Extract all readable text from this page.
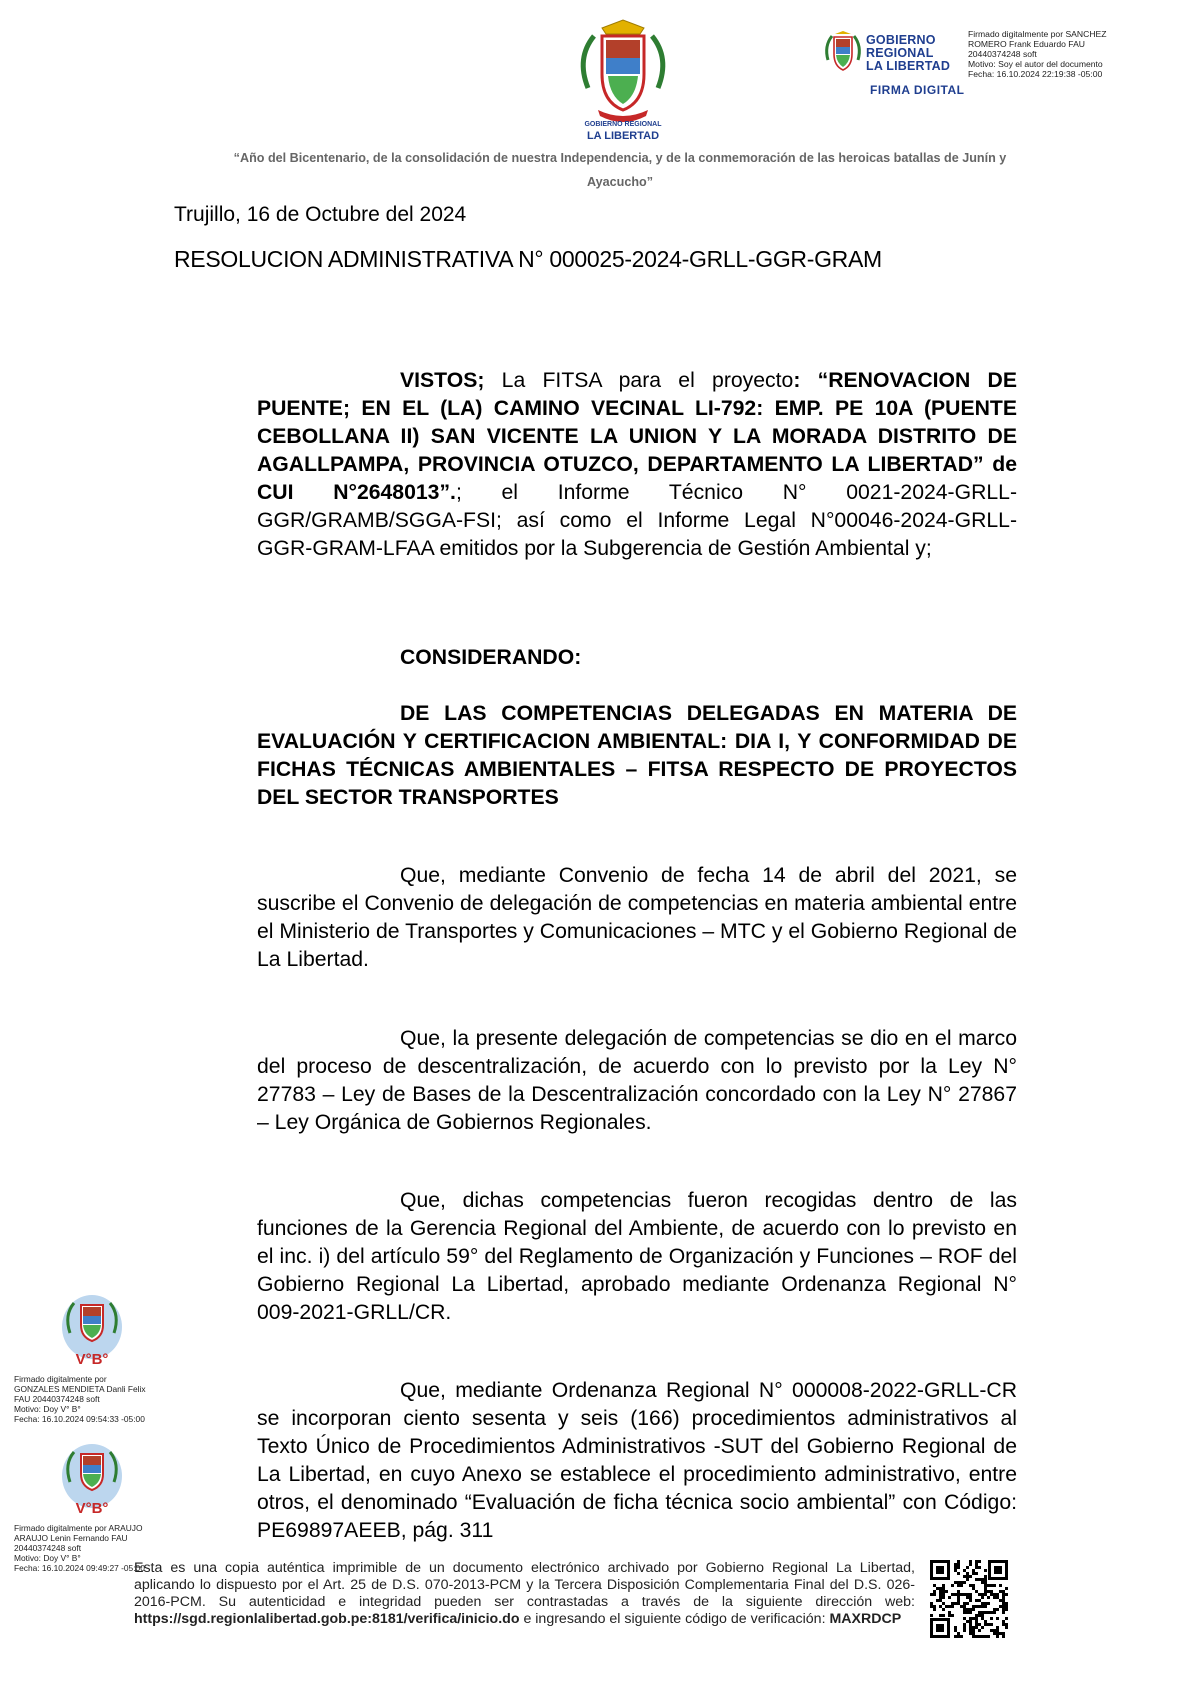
GOBIERNO REGIONAL
LA LIBERTAD
GOBIERNO
REGIONAL
LA LIBERTAD
FIRMA DIGITAL
Firmado digitalmente por SANCHEZ
ROMERO Frank Eduardo FAU
20440374248 soft
Motivo: Soy el autor del documento
Fecha: 16.10.2024 22:19:38 -05:00
“Año del Bicentenario, de la consolidación de nuestra Independencia, y de la conmemoración de las heroicas batallas de Junín y
Ayacucho”
Trujillo, 16 de Octubre del 2024
RESOLUCION ADMINISTRATIVA N° 000025-2024-GRLL-GGR-GRAM

VISTOS; La FITSA para el proyecto: “RENOVACION DE PUENTE; EN EL (LA) CAMINO VECINAL LI-792: EMP. PE 10A (PUENTE CEBOLLANA II) SAN VICENTE LA UNION Y LA MORADA DISTRITO DE AGALLPAMPA, PROVINCIA OTUZCO, DEPARTAMENTO LA LIBERTAD” de CUI N°2648013”.; el Informe Técnico N° 0021-2024-GRLL-GGR/GRAMB/SGGA-FSI; así como el Informe Legal N°00046-2024-GRLL-GGR-GRAM-LFAA emitidos por la Subgerencia de Gestión Ambiental y;

CONSIDERANDO:

DE LAS COMPETENCIAS DELEGADAS EN MATERIA DE EVALUACIÓN Y CERTIFICACION AMBIENTAL: DIA I, Y CONFORMIDAD DE FICHAS TÉCNICAS AMBIENTALES – FITSA RESPECTO DE PROYECTOS DEL SECTOR TRANSPORTES

Que, mediante Convenio de fecha 14 de abril del 2021, se suscribe el Convenio de delegación de competencias en materia ambiental entre el Ministerio de Transportes y Comunicaciones – MTC y el Gobierno Regional de La Libertad.

Que, la presente delegación de competencias se dio en el marco del proceso de descentralización, de acuerdo con lo previsto por la Ley N° 27783 – Ley de Bases de la Descentralización concordado con la Ley N° 27867 – Ley Orgánica de Gobiernos Regionales.

Que, dichas competencias fueron recogidas dentro de las funciones de la Gerencia Regional del Ambiente, de acuerdo con lo previsto en el inc. i) del artículo 59° del Reglamento de Organización y Funciones – ROF del Gobierno Regional La Libertad, aprobado mediante Ordenanza Regional N° 009-2021-GRLL/CR.

Que, mediante Ordenanza Regional N° 000008-2022-GRLL-CR se incorporan ciento sesenta y seis (166) procedimientos administrativos al Texto Único de Procedimientos Administrativos -SUT del Gobierno Regional de La Libertad, en cuyo Anexo se establece el procedimiento administrativo, entre otros, el denominado “Evaluación de ficha técnica socio ambiental” con Código: PE69897AEEB, pág. 311

V°B°
Firmado digitalmente por
GONZALES MENDIETA Danli Felix
FAU 20440374248 soft
Motivo: Doy V° B°
Fecha: 16.10.2024 09:54:33 -05:00
V°B°
Firmado digitalmente por ARAUJO
ARAUJO Lenin Fernando FAU
20440374248 soft
Motivo: Doy V° B°
Fecha: 16.10.2024 09:49:27 -05:00

Esta es una copia auténtica imprimible de un documento electrónico archivado por Gobierno Regional La Libertad, aplicando lo dispuesto por el Art. 25 de D.S. 070-2013-PCM y la Tercera Disposición Complementaria Final del D.S. 026- 2016-PCM. Su autenticidad e integridad pueden ser contrastadas a través de la siguiente dirección web: https://sgd.regionlalibertad.gob.pe:8181/verifica/inicio.do e ingresando el siguiente código de verificación: MAXRDCP
